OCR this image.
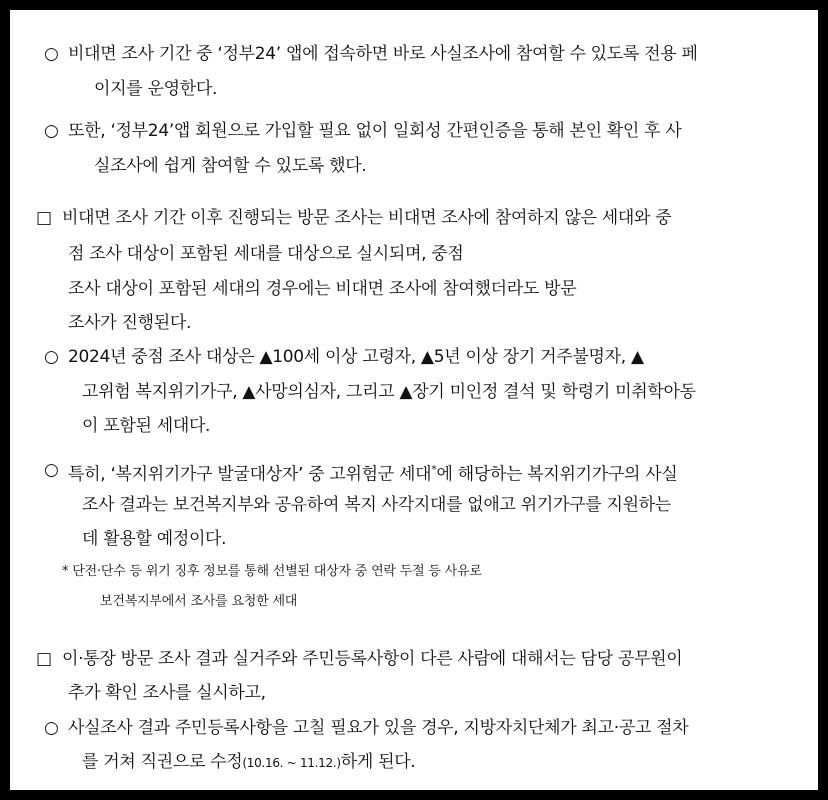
○ 비대면 조사 기간 중 ‘정부24’ 앱에 접속하면 바로 사실조사에 참여할 수 있도록 전용 페
이지를 운영한다.
○ 또한, ‘정부24’앱 회원으로 가입할 필요 없이 일회성 간편인증을 통해 본인 확인 후 사
실조사에 쉽게 참여할 수 있도록 했다.
□ 비대면 조사 기간 이후 진행되는 방문 조사는 비대면 조사에 참여하지 않은 세대와 중
점 조사 대상이 포함된 세대를 대상으로 실시되며, 중점
조사 대상이 포함된 세대의 경우에는 비대면 조사에 참여했더라도 방문
조사가 진행된다.
○ 2024년 중점 조사 대상은 ▲100세 이상 고령자, ▲5년 이상 장기 거주불명자, ▲
고위험 복지위기가구, ▲사망의심자, 그리고 ▲장기 미인정 결석 및 학령기 미취학아동
이 포함된 세대다.
○ 특히, ‘복지위기가구 발굴대상자’ 중 고위험군 세대*에 해당하는 복지위기가구의 사실
조사 결과는 보건복지부와 공유하여 복지 사각지대를 없애고 위기가구를 지원하는
데 활용할 예정이다.
* 단전·단수 등 위기 징후 정보를 통해 선별된 대상자 중 연락 두절 등 사유로
보건복지부에서 조사를 요청한 세대
□ 이·통장 방문 조사 결과 실거주와 주민등록사항이 다른 사람에 대해서는 담당 공무원이
추가 확인 조사를 실시하고,
○ 사실조사 결과 주민등록사항을 고칠 필요가 있을 경우, 지방자치단체가 최고·공고 절차
를 거쳐 직권으로 수정(10.16. ~ 11.12.)하게 된다.
